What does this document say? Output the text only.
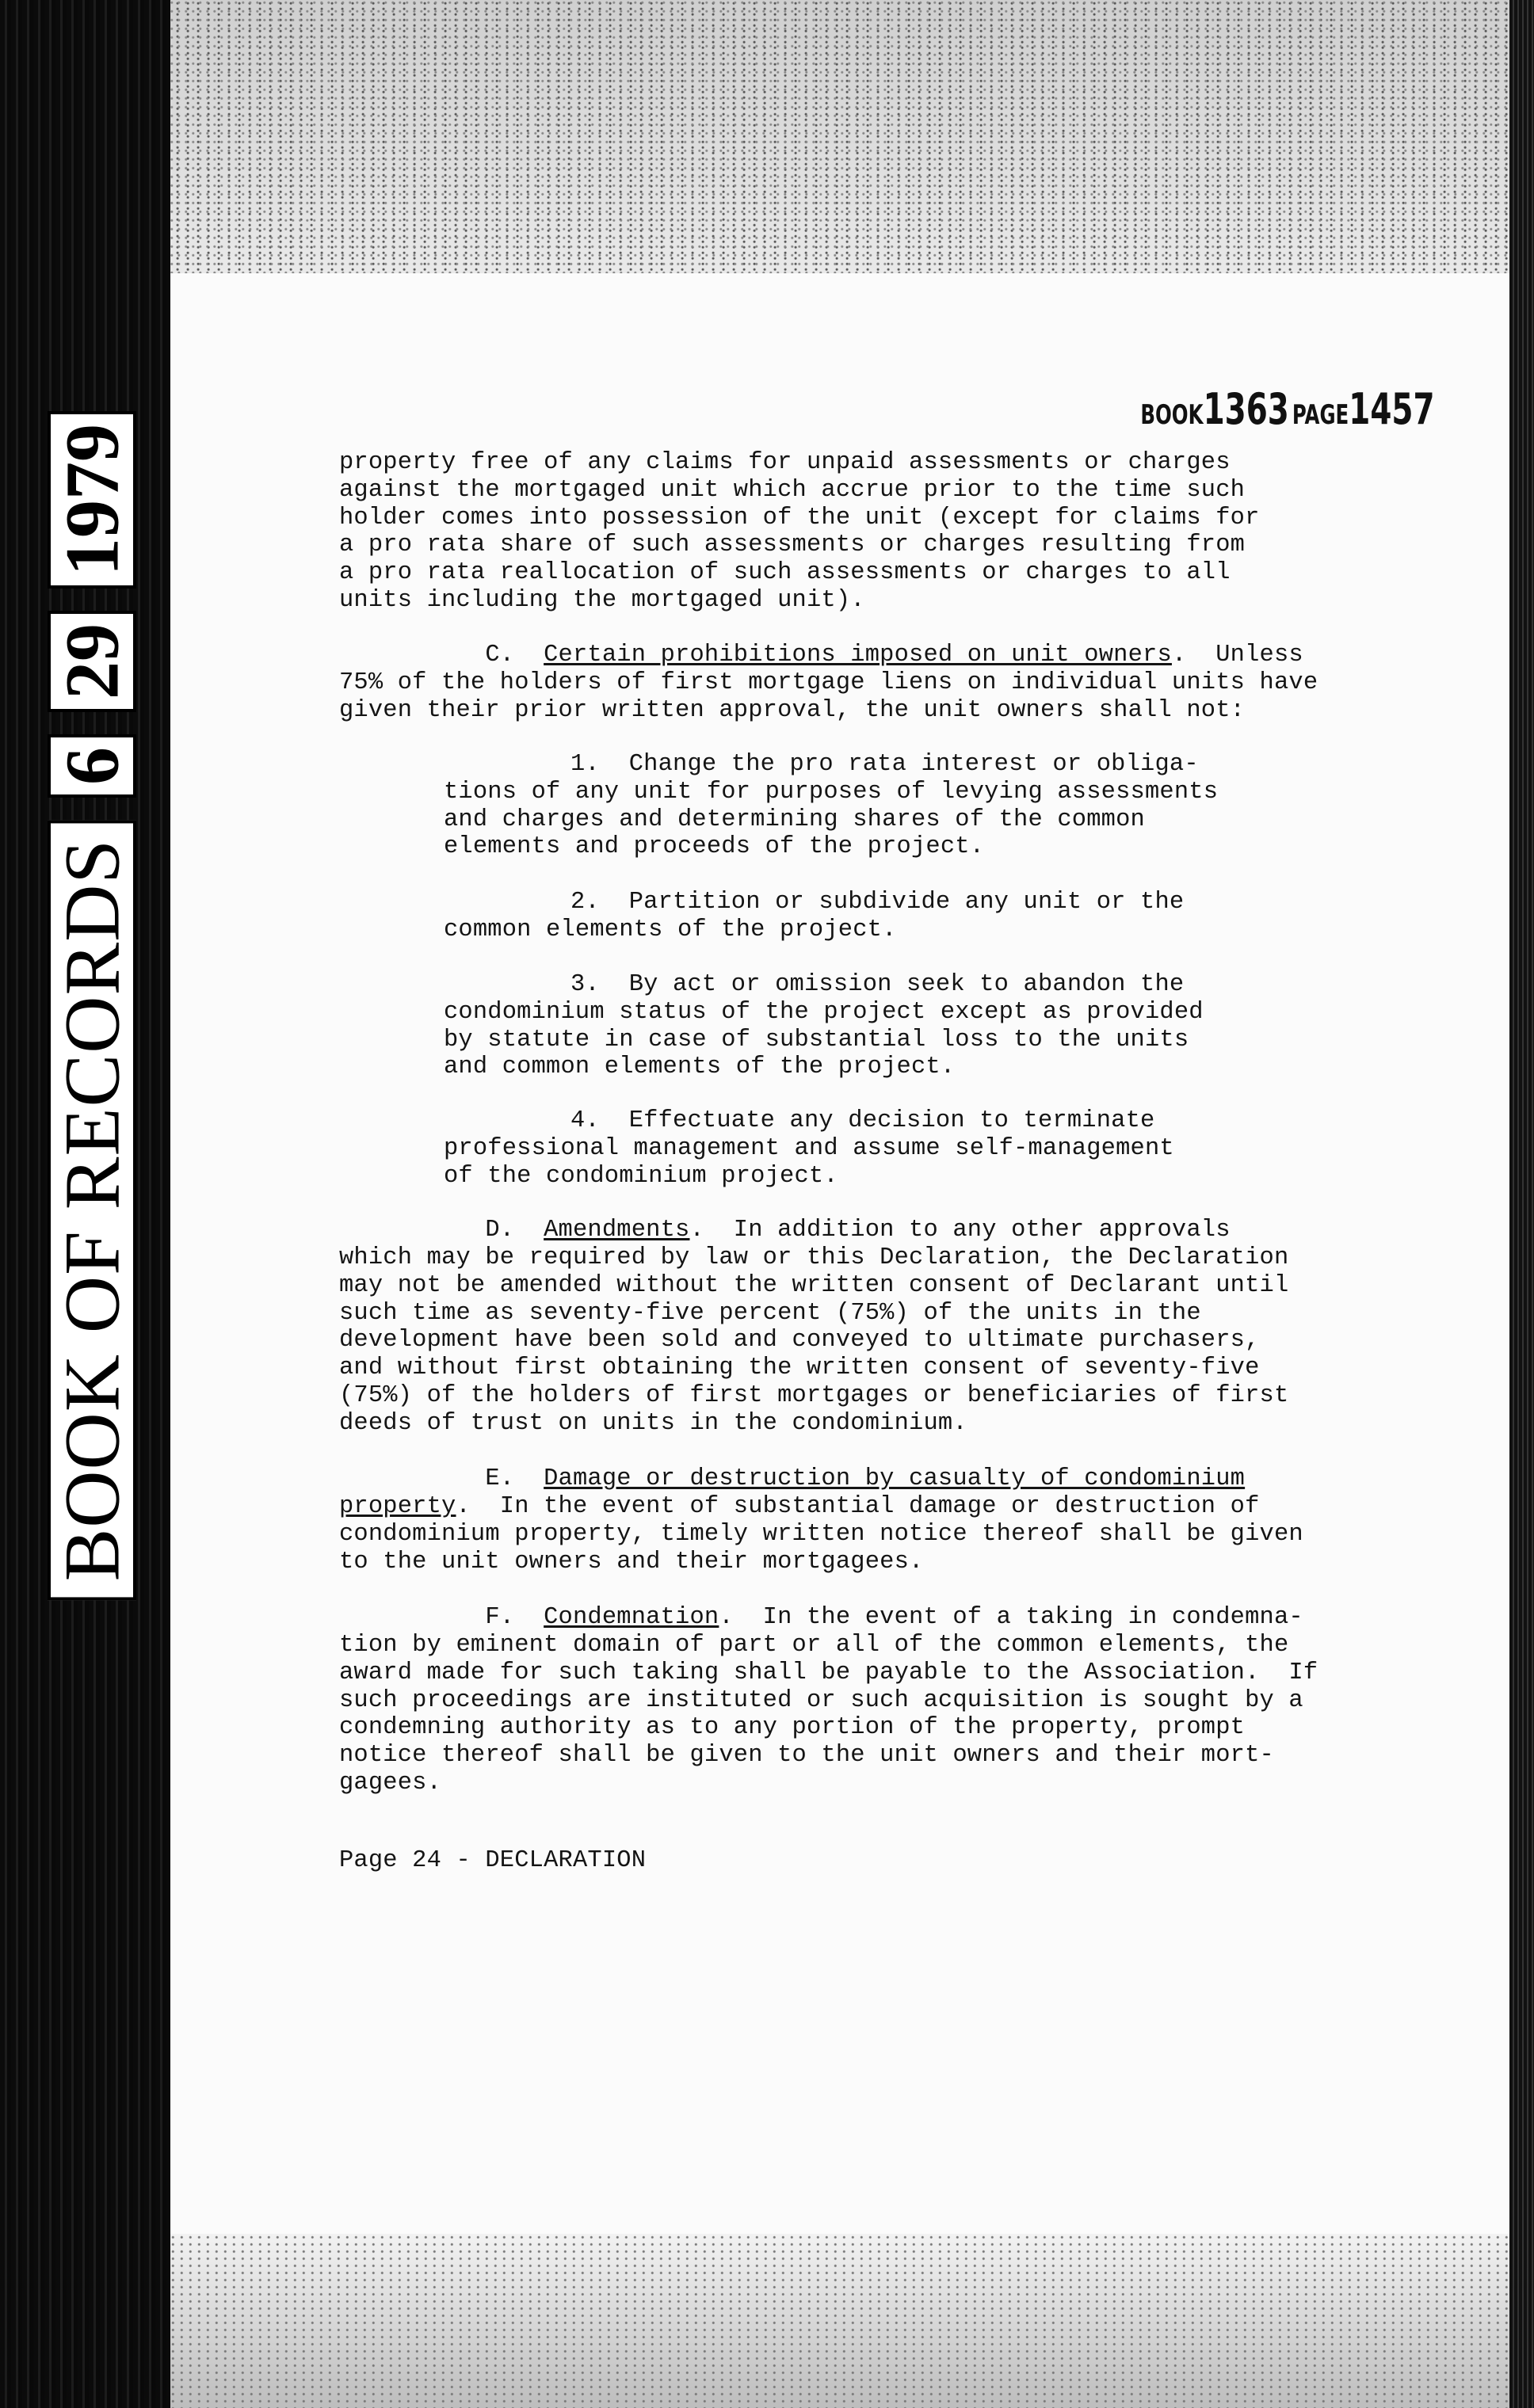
BOOK OF RECORDS
6
29
1979
BOOK1363 PAGE1457
property free of any claims for unpaid assessments or charges
against the mortgaged unit which accrue prior to the time such
holder comes into possession of the unit (except for claims for
a pro rata share of such assessments or charges resulting from
a pro rata reallocation of such assessments or charges to all
units including the mortgaged unit).
C. Certain prohibitions imposed on unit owners.  Unless
75% of the holders of first mortgage liens on individual units have
given their prior written approval, the unit owners shall not:
1.  Change the pro rata interest or obliga-
tions of any unit for purposes of levying assessments
and charges and determining shares of the common
elements and proceeds of the project.
2.  Partition or subdivide any unit or the
common elements of the project.
3.  By act or omission seek to abandon the
condominium status of the project except as provided
by statute in case of substantial loss to the units
and common elements of the project.
4.  Effectuate any decision to terminate
professional management and assume self-management
of the condominium project.
D. Amendments.  In addition to any other approvals
which may be required by law or this Declaration, the Declaration
may not be amended without the written consent of Declarant until
such time as seventy-five percent (75%) of the units in the
development have been sold and conveyed to ultimate purchasers,
and without first obtaining the written consent of seventy-five
(75%) of the holders of first mortgages or beneficiaries of first
deeds of trust on units in the condominium.
E. Damage or destruction by casualty of condominium
property.  In the event of substantial damage or destruction of
condominium property, timely written notice thereof shall be given
to the unit owners and their mortgagees.
F. Condemnation.  In the event of a taking in condemna-
tion by eminent domain of part or all of the common elements, the
award made for such taking shall be payable to the Association.  If
such proceedings are instituted or such acquisition is sought by a
condemning authority as to any portion of the property, prompt
notice thereof shall be given to the unit owners and their mort-
gagees.
Page 24 - DECLARATION
